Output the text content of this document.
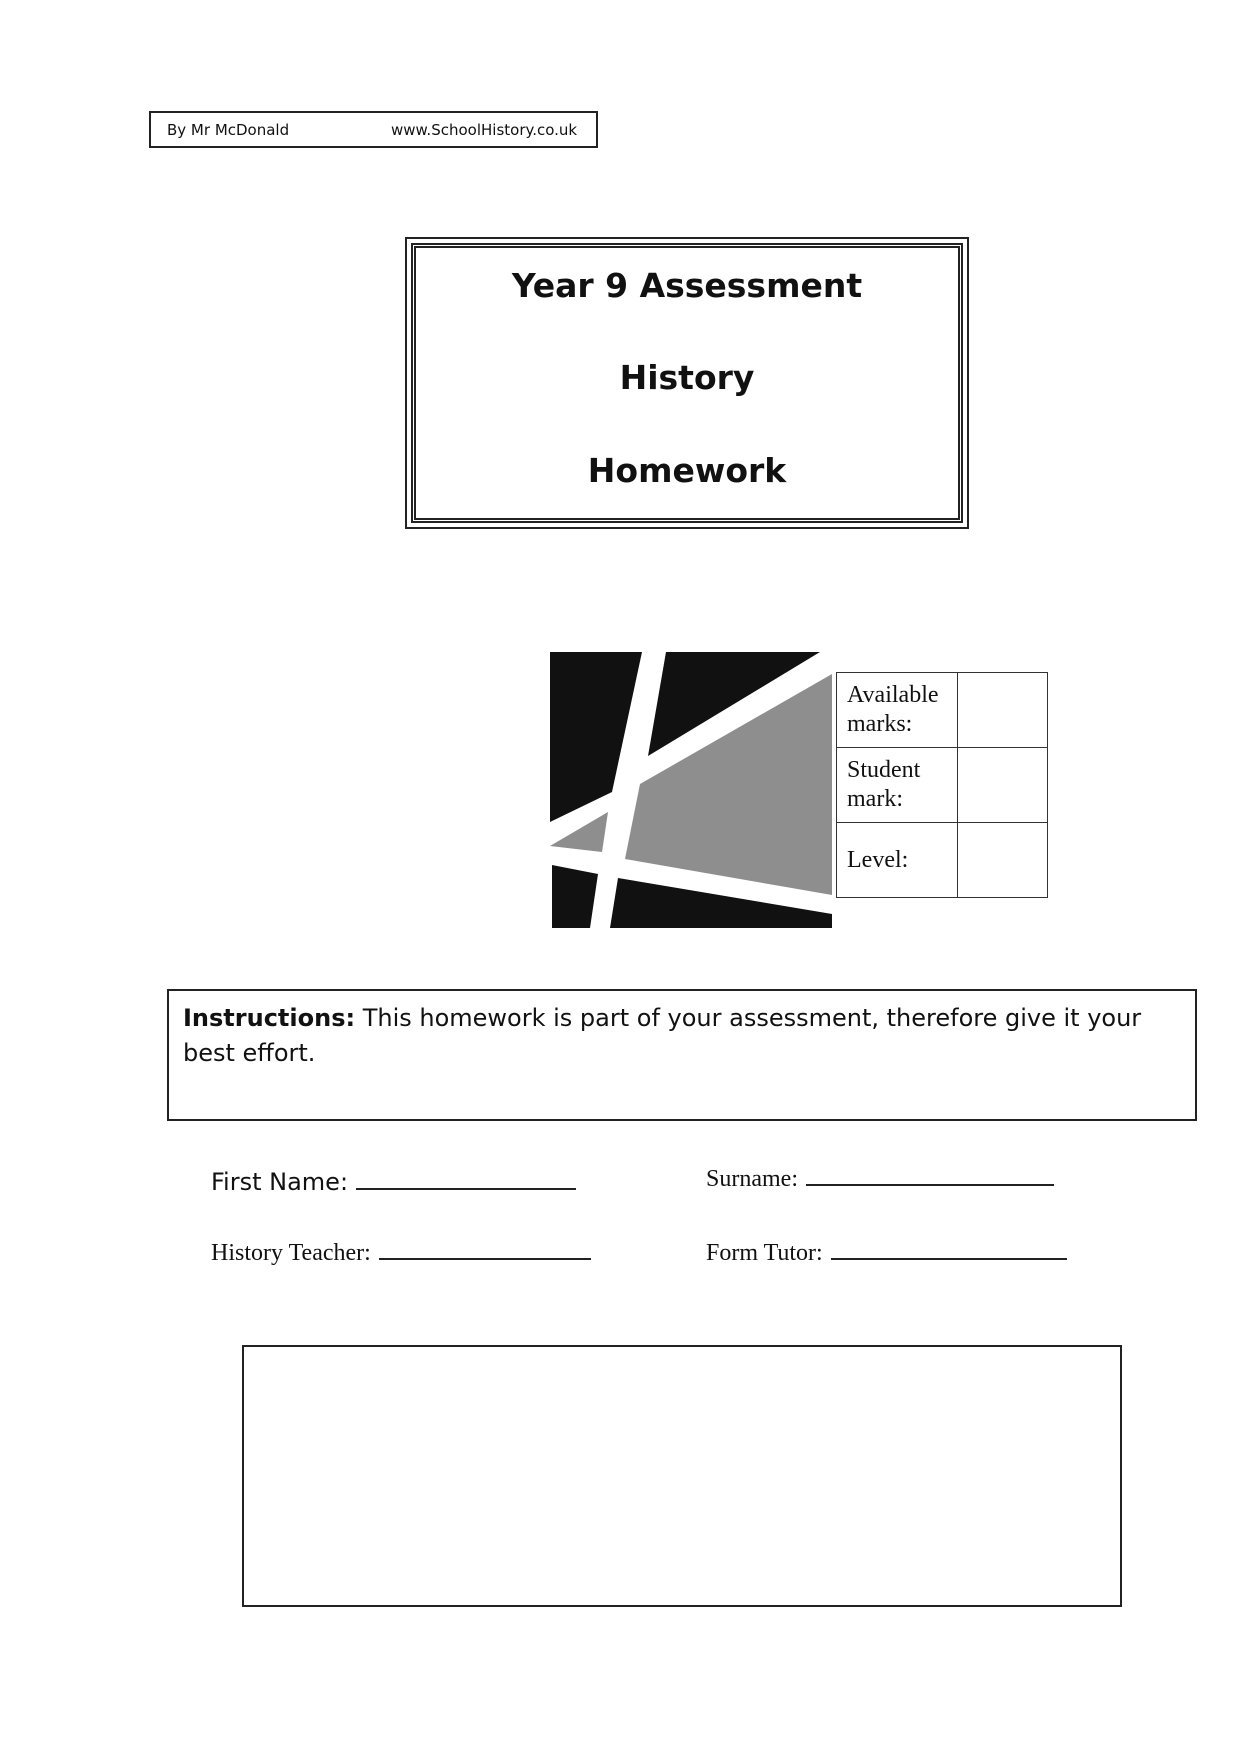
By Mr McDonald	www.SchoolHistory.co.uk
Year 9 Assessment
History
Homework
Available marks:	
Student mark:	
Level:	
Instructions: This homework is part of your assessment, therefore give it your best effort.
First Name:	Surname:
History Teacher:	Form Tutor:
